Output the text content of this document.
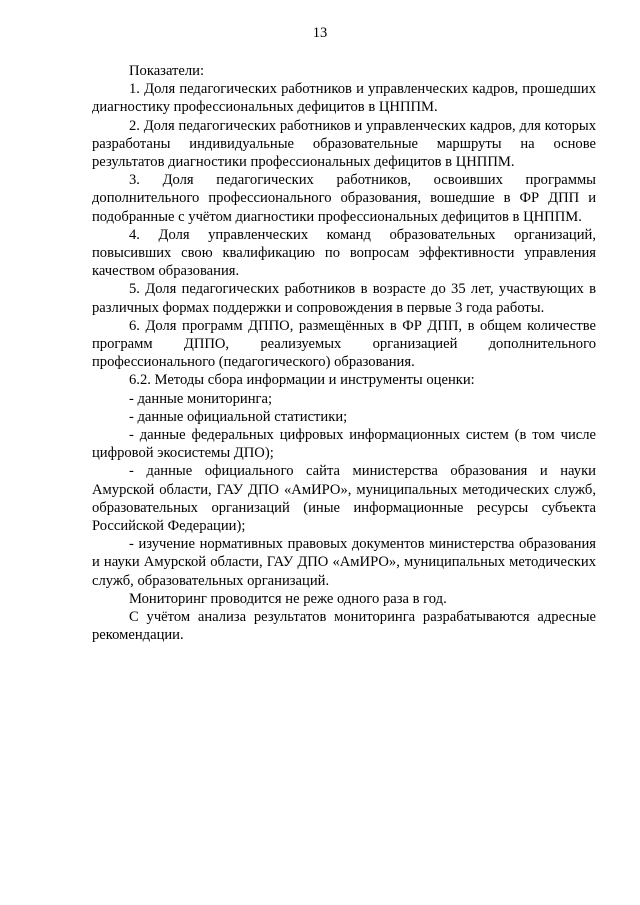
13

Показатели:

1. Доля педагогических работников и управленческих кадров, прошедших диагностику профессиональных дефицитов в ЦНППМ.

2. Доля педагогических работников и управленческих кадров, для которых разработаны индивидуальные образовательные маршруты на основе результатов диагностики профессиональных дефицитов в ЦНППМ.

3. Доля педагогических работников, освоивших программы дополнительного профессионального образования, вошедшие в ФР ДПП и подобранные с учётом диагностики профессиональных дефицитов в ЦНППМ.

4. Доля управленческих команд образовательных организаций, повысивших свою квалификацию по вопросам эффективности управления качеством образования.

5. Доля педагогических работников в возрасте до 35 лет, участвующих в различных формах поддержки и сопровождения в первые 3 года работы.

6. Доля программ ДППО, размещённых в ФР ДПП, в общем количестве программ ДППО, реализуемых организацией дополнительного профессионального (педагогического) образования.

6.2. Методы сбора информации и инструменты оценки:

- данные мониторинга;

- данные официальной статистики;

- данные федеральных цифровых информационных систем (в том числе цифровой экосистемы ДПО);

- данные официального сайта министерства образования и науки Амурской области, ГАУ ДПО «АмИРО», муниципальных методических служб, образовательных организаций (иные информационные ресурсы субъекта Российской Федерации);

- изучение нормативных правовых документов министерства образования и науки Амурской области, ГАУ ДПО «АмИРО», муниципальных методических служб, образовательных организаций.

Мониторинг проводится не реже одного раза в год.

С учётом анализа результатов мониторинга разрабатываются адресные рекомендации.
